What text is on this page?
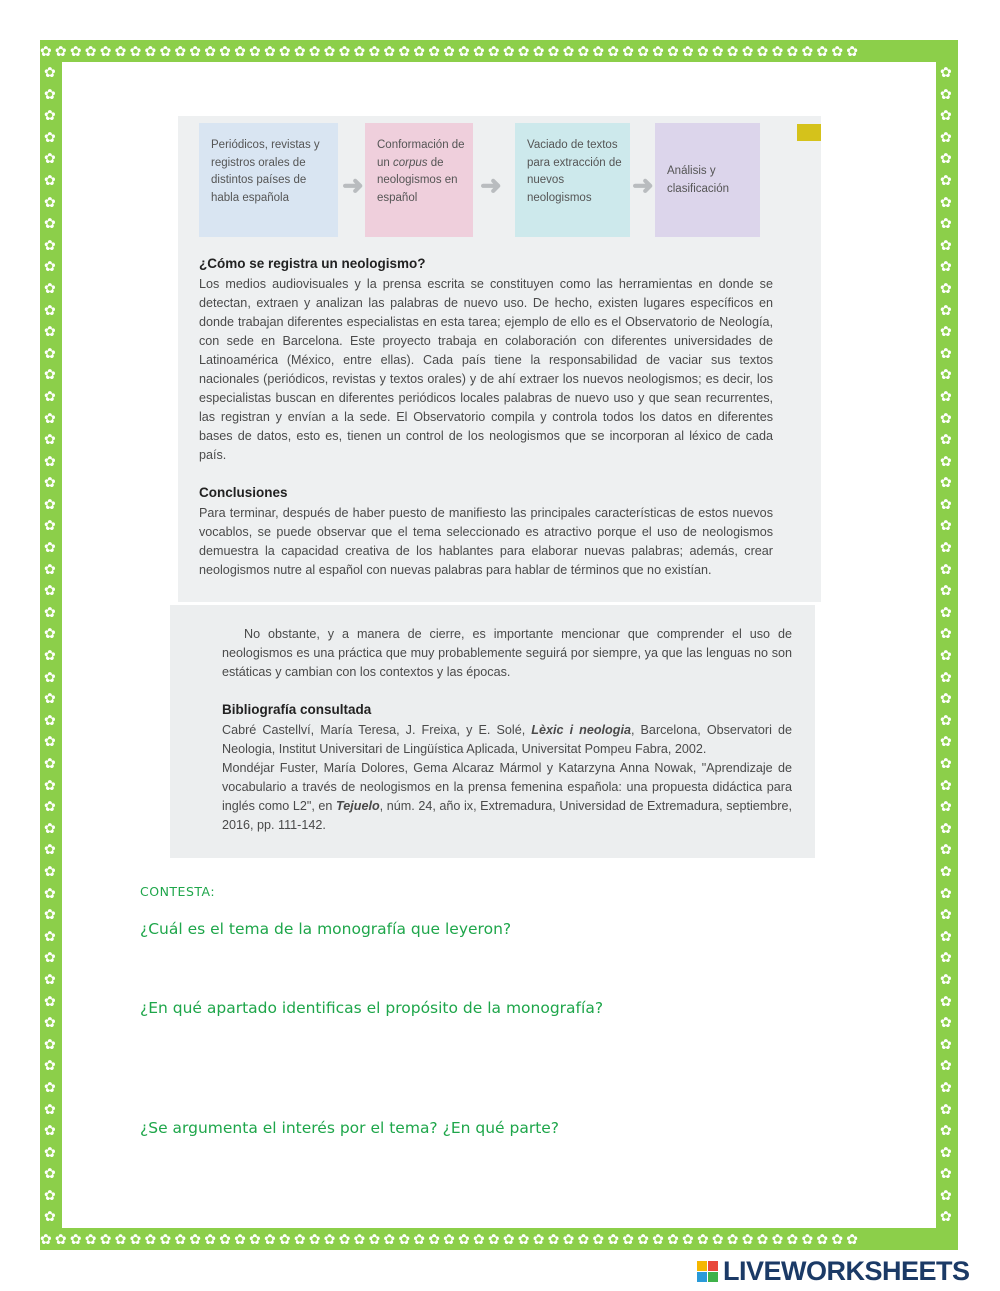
✿✿✿✿✿✿✿✿✿✿✿✿✿✿✿✿✿✿✿✿✿✿✿✿✿✿✿✿✿✿✿✿✿✿✿✿✿✿✿✿✿✿✿✿✿✿✿✿✿✿✿✿✿✿✿
✿✿✿✿✿✿✿✿✿✿✿✿✿✿✿✿✿✿✿✿✿✿✿✿✿✿✿✿✿✿✿✿✿✿✿✿✿✿✿✿✿✿✿✿✿✿✿✿✿✿✿✿✿✿✿
✿✿✿✿✿✿✿✿✿✿✿✿✿✿✿✿✿✿✿✿✿✿✿✿✿✿✿✿✿✿✿✿✿✿✿✿✿✿✿✿✿✿✿✿✿✿✿✿✿✿✿✿✿✿
✿✿✿✿✿✿✿✿✿✿✿✿✿✿✿✿✿✿✿✿✿✿✿✿✿✿✿✿✿✿✿✿✿✿✿✿✿✿✿✿✿✿✿✿✿✿✿✿✿✿✿✿✿✿
Periódicos, revistas y registros orales de distintos países de habla española	➜
Conformación de un corpus de neologismos en español	➜
Vaciado de textos para extracción de nuevos neologismos	➜	Análisis y clasificación
¿Cómo se registra un neologismo?
Los medios audiovisuales y la prensa escrita se constituyen como las herramientas en donde se detectan, extraen y analizan las palabras de nuevo uso. De hecho, existen lugares específicos en donde trabajan diferentes especialistas en esta tarea; ejemplo de ello es el Observatorio de Neología, con sede en Barcelona. Este proyecto trabaja en colaboración con diferentes universidades de Latinoamérica (México, entre ellas). Cada país tiene la responsabilidad de vaciar sus textos nacionales (periódicos, revistas y textos orales) y de ahí extraer los nuevos neologismos; es decir, los especialistas buscan en diferentes periódicos locales palabras de nuevo uso y que sean recurrentes, las registran y envían a la sede. El Observatorio compila y controla todos los datos en diferentes bases de datos, esto es, tienen un control de los neologismos que se incorporan al léxico de cada país.
Conclusiones
Para terminar, después de haber puesto de manifiesto las principales características de estos nuevos vocablos, se puede observar que el tema seleccionado es atractivo porque el uso de neologismos demuestra la capacidad creativa de los hablantes para elaborar nuevas palabras; además, crear neologismos nutre al español con nuevas palabras para hablar de términos que no existían.
No obstante, y a manera de cierre, es importante mencionar que comprender el uso de neologismos es una práctica que muy probablemente seguirá por siempre, ya que las lenguas no son estáticas y cambian con los contextos y las épocas.
Bibliografía consultada
Cabré Castellví, María Teresa, J. Freixa, y E. Solé, Lèxic i neologia, Barcelona, Observatori de Neologia, Institut Universitari de Lingüística Aplicada, Universitat Pompeu Fabra, 2002.
Mondéjar Fuster, María Dolores, Gema Alcaraz Mármol y Katarzyna Anna Nowak, "Aprendizaje de vocabulario a través de neologismos en la prensa femenina española: una propuesta didáctica para inglés como L2", en Tejuelo, núm. 24, año ix, Extremadura, Universidad de Extremadura, septiembre, 2016, pp. 111-142.
CONTESTA:
¿Cuál es el tema de la monografía que leyeron?
¿En qué apartado identificas el propósito de la monografía?
¿Se argumenta el interés por el tema? ¿En qué parte?
LIVEWORKSHEETS
